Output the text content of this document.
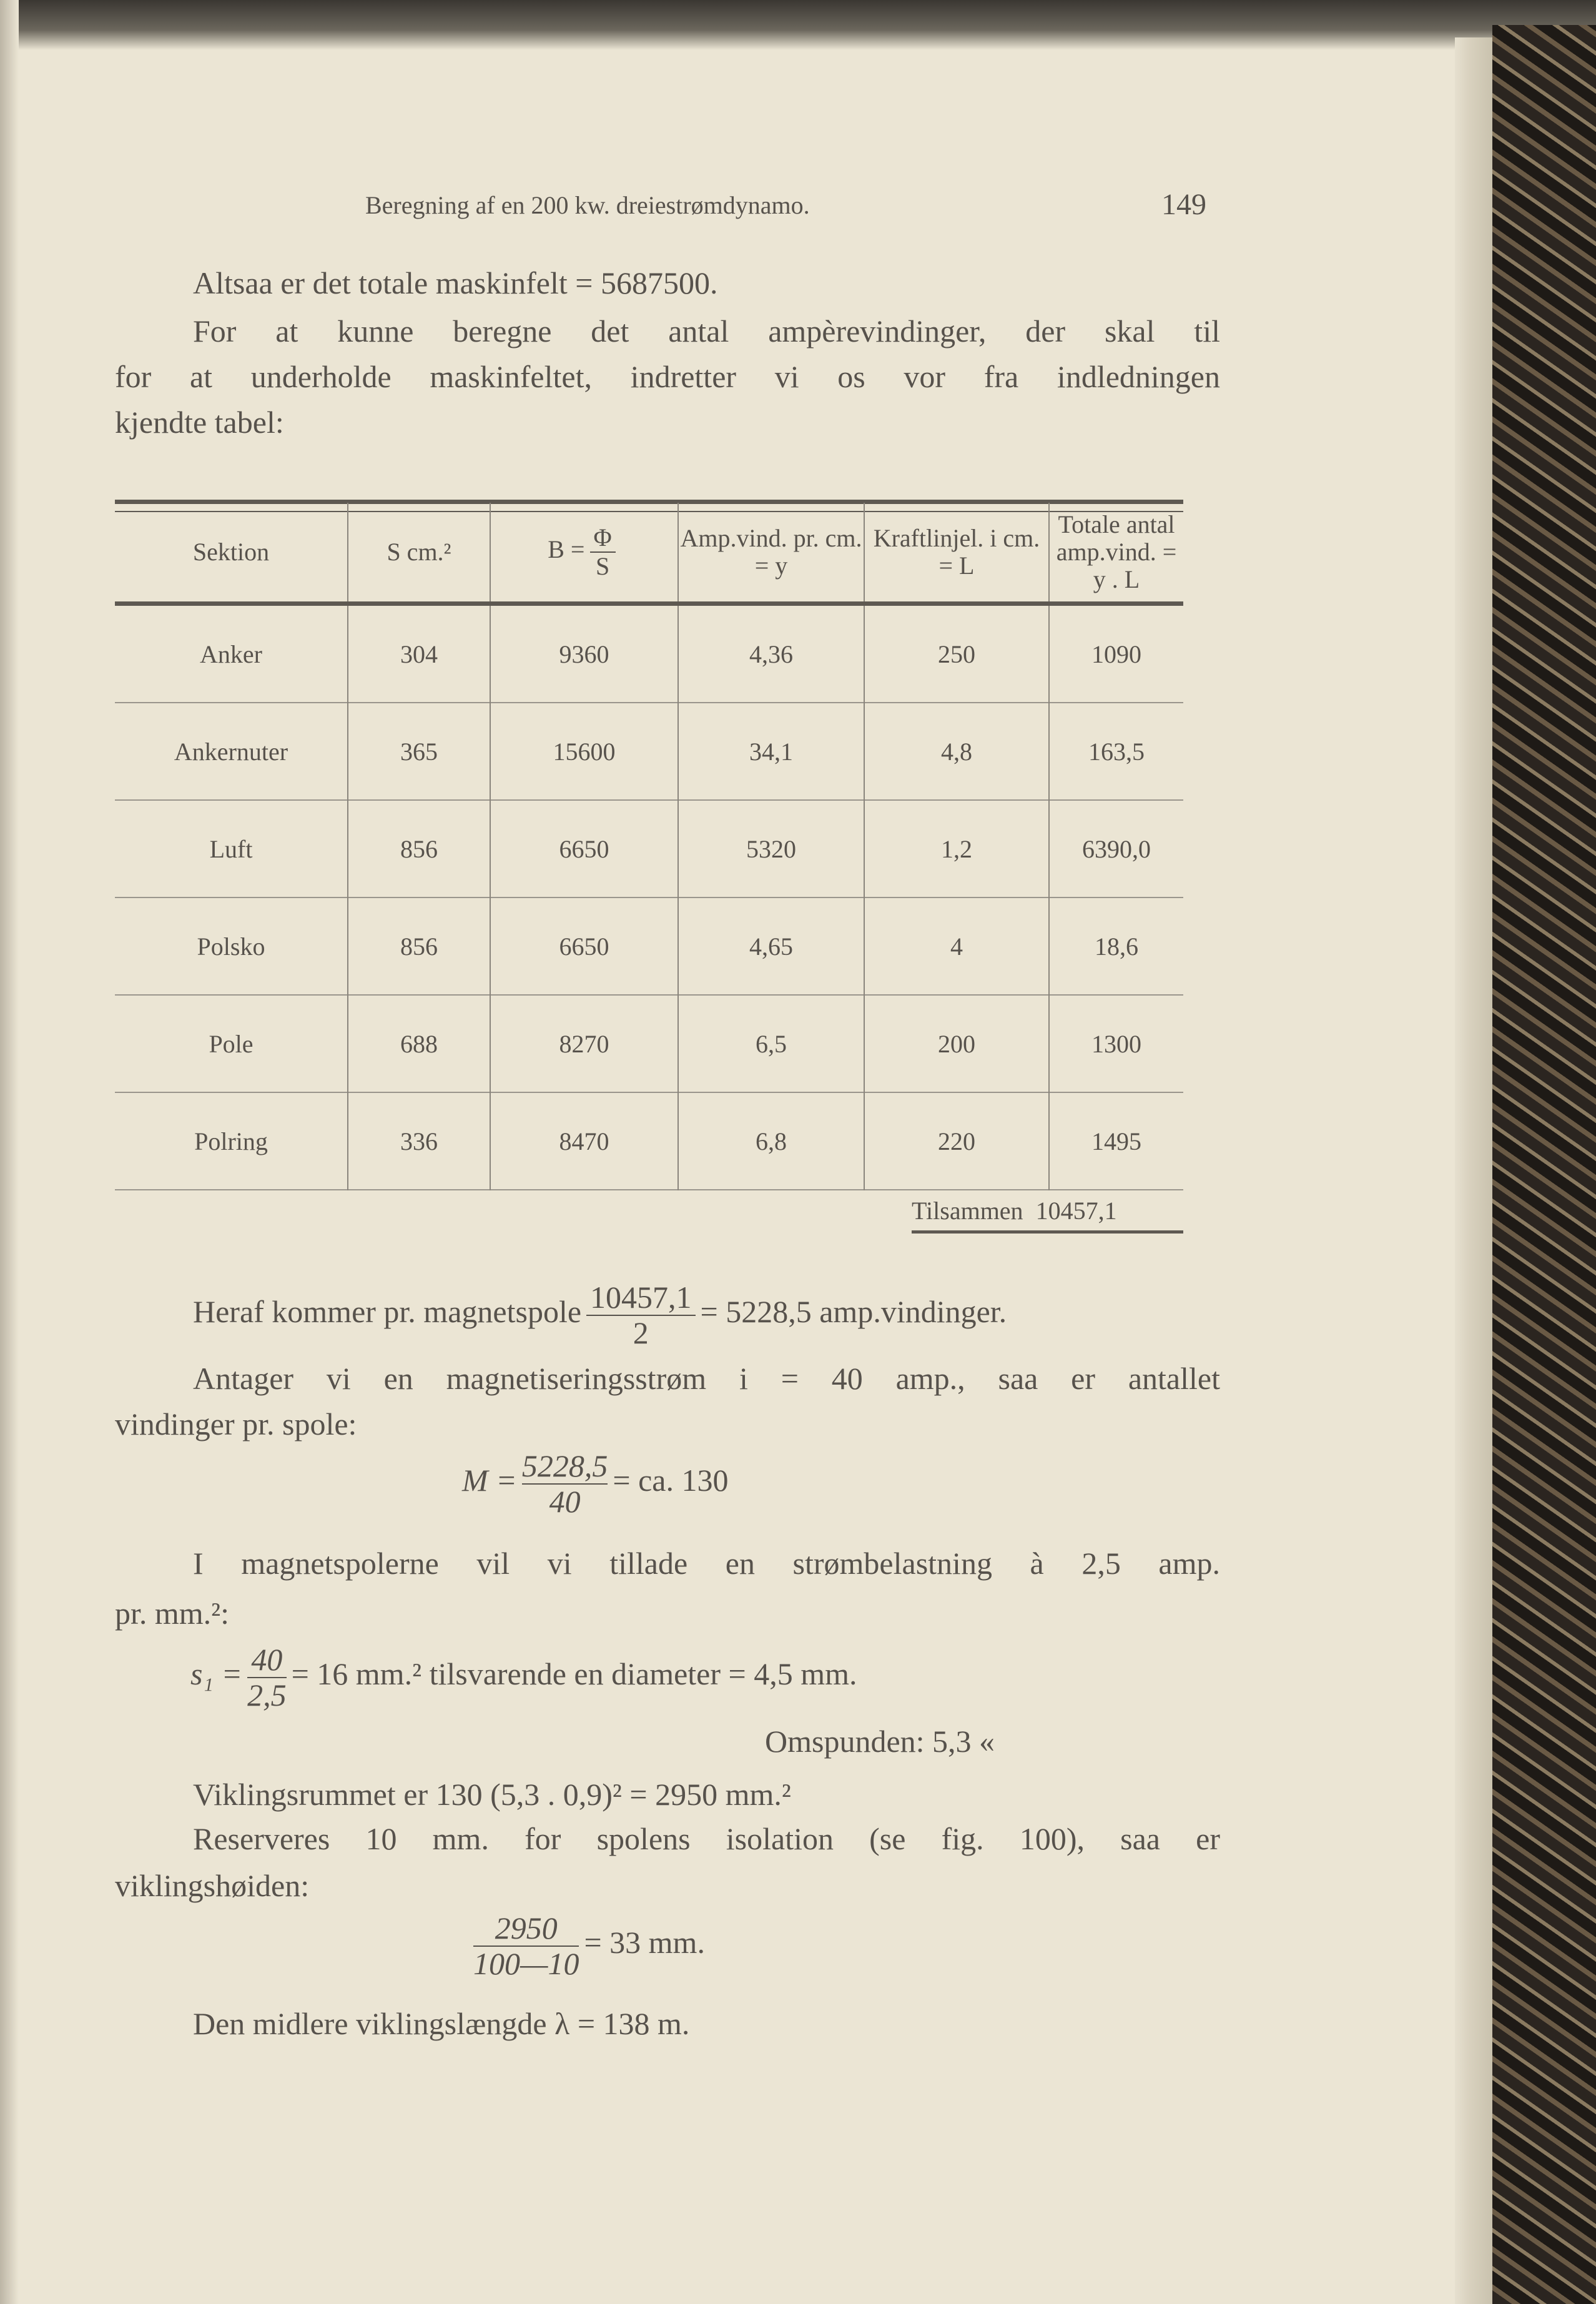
Beregning af en 200 kw. dreiestrømdynamo.	149
Altsaa er det totale maskinfelt = 5687500.
For at kunne beregne det antal ampèrevindinger, der skal til
for at underholde maskinfeltet, indretter vi os vor fra indledningen
kjendte tabel:
Sektion	S cm.²	$B = \frac{\Phi}{S}$	Amp.vind. pr. cm. = y	Kraftlinjel. i cm. = L	Totale antal amp.vind. = y . L
Anker	304	9360	4,36	250	1090
Ankernuter	365	15600	34,1	4,8	163,5
Luft	856	6650	5320	1,2	6390,0
Polsko	856	6650	4,65	4	18,6
Pole	688	8270	6,5	200	1300
Polring	336	8470	6,8	220	1495
Tilsammen 10457,1
Heraf kommer pr. magnetspole $\frac{10457,1}{2} = 5228,5$ amp.vindinger.
Antager vi en magnetiseringsstrøm i = 40 amp., saa er antallet
vindinger pr. spole:
$M = \frac{5228,5}{40}$ = ca. 130
I magnetspolerne vil vi tillade en strømbelastning à 2,5 amp.
pr. mm.²:
$s_1 = \frac{40}{2,5} = 16$ mm.² tilsvarende en diameter = 4,5 mm.
Omspunden: 5,3 «
Viklingsrummet er 130 (5,3 . 0,9)² = 2950 mm.²
Reserveres 10 mm. for spolens isolation (se fig. 100), saa er
viklingshøiden:
$\frac{2950}{100—10} = 33$ mm.
Den midlere viklingslængde λ = 138 m.
